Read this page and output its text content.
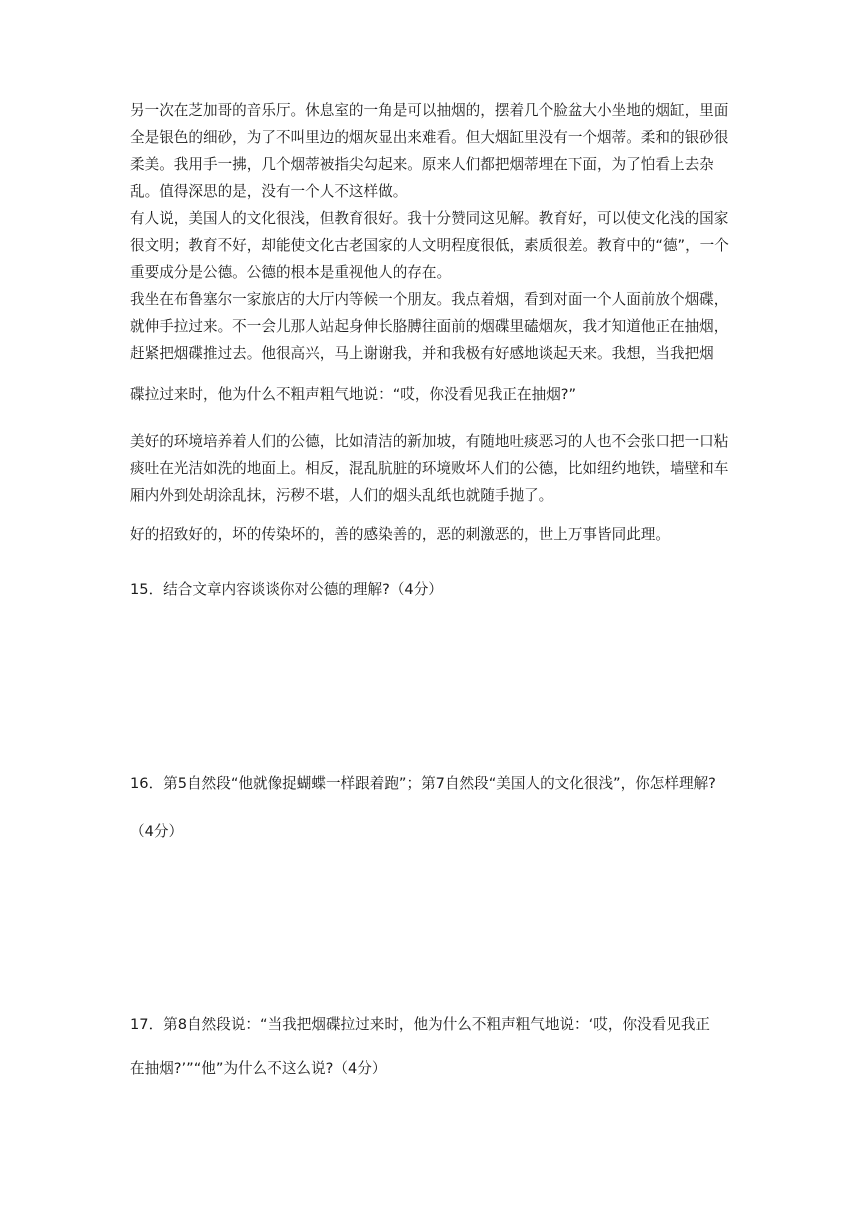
另一次在芝加哥的音乐厅。休息室的一角是可以抽烟的，摆着几个脸盆大小坐地的烟缸，里面全是银色的细砂，为了不叫里边的烟灰显出来难看。但大烟缸里没有一个烟蒂。柔和的银砂很柔美。我用手一拂，几个烟蒂被指尖勾起来。原来人们都把烟蒂埋在下面，为了怕看上去杂乱。值得深思的是，没有一个人不这样做。

有人说，美国人的文化很浅，但教育很好。我十分赞同这见解。教育好，可以使文化浅的国家很文明；教育不好，却能使文化古老国家的人文明程度很低，素质很差。教育中的“德”，一个重要成分是公德。公德的根本是重视他人的存在。

我坐在布鲁塞尔一家旅店的大厅内等候一个朋友。我点着烟，看到对面一个人面前放个烟碟，就伸手拉过来。不一会儿那人站起身伸长胳膊往面前的烟碟里磕烟灰，我才知道他正在抽烟，赶紧把烟碟推过去。他很高兴，马上谢谢我，并和我极有好感地谈起天来。我想，当我把烟

碟拉过来时，他为什么不粗声粗气地说：“哎，你没看见我正在抽烟?”

美好的环境培养着人们的公德，比如清洁的新加坡，有随地吐痰恶习的人也不会张口把一口粘痰吐在光洁如洗的地面上。相反，混乱肮脏的环境败坏人们的公德，比如纽约地铁，墙壁和车厢内外到处胡涂乱抹，污秽不堪，人们的烟头乱纸也就随手抛了。

好的招致好的，坏的传染坏的，善的感染善的，恶的刺激恶的，世上万事皆同此理。

15．结合文章内容谈谈你对公德的理解?（4分）

16．第5自然段“他就像捉蝴蝶一样跟着跑”；第7自然段“美国人的文化很浅”，你怎样理解?

（4分）

17．第8自然段说：“当我把烟碟拉过来时，他为什么不粗声粗气地说：‘哎，你没看见我正

在抽烟?’”“他”为什么不这么说?（4分）
